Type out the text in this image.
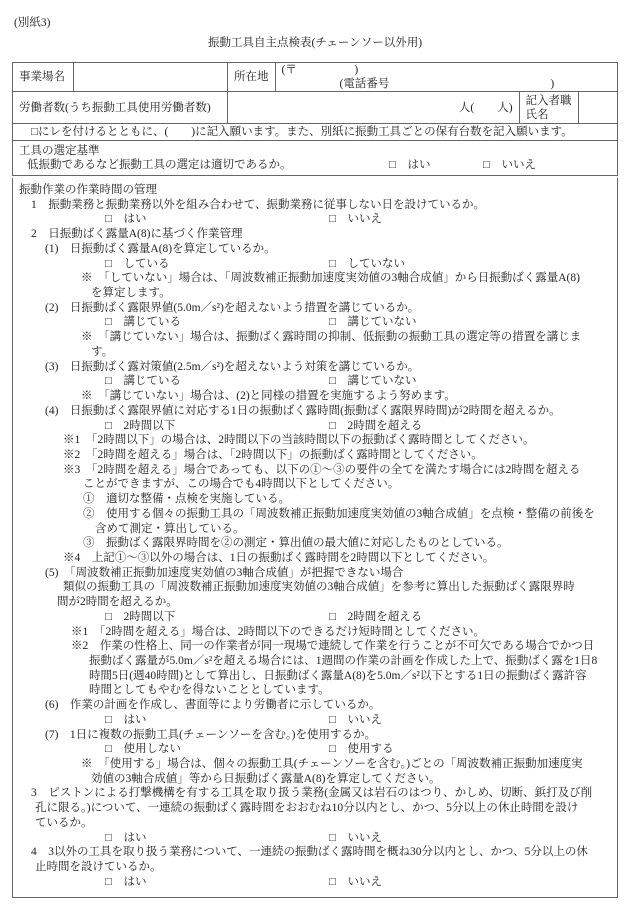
(別紙3)
振動工具自主点検表(チェーンソー以外用)
事業場名		所在地	(〒　　　　　)
(電話番号　　　　　　　　　　　　　　)		

労働者数(うち振動工具使用労働者数)		人(　　人)		記入者職
氏名	

□にレを付けるとともに、(　　)に記入願います。また、別紙に振動工具ごとの保有台数を記入願います。					

工具の選定基準
低振動であるなど振動工具の選定は適切であるか。 □　はい □　いいえ					
振動作業の作業時間の管理
1　振動業務と振動業務以外を組み合わせて、振動業務に従事しない日を設けているか。
□　はい	□　いいえ
2　日振動ばく露量A(8)に基づく作業管理
(1)　日振動ばく露量A(8)を算定しているか。
□　している	□　していない
※　「していない」場合は、「周波数補正振動加速度実効値の3軸合成値」から日振動ばく露量A(8)
を算定します。
(2)　日振動ばく露限界値(5.0m／s²)を超えないよう措置を講じているか。
□　講じている	□　講じていない
※　「講じていない」場合は、振動ばく露時間の抑制、低振動の振動工具の選定等の措置を講じま
す。
(3)　日振動ばく露対策値(2.5m／s²)を超えないよう対策を講じているか。
□　講じている	□　講じていない
※　「講じていない」場合は、(2)と同様の措置を実施するよう努めます。
(4)　日振動ばく露限界値に対応する1日の振動ばく露時間(振動ばく露限界時間)が2時間を超えるか。
□　2時間以下	□　2時間を超える
※1　「2時間以下」の場合は、2時間以下の当該時間以下の振動ばく露時間としてください。
※2　「2時間を超える」場合は、「2時間以下」の振動ばく露時間としてください。
※3　「2時間を超える」場合であっても、以下の①～③の要件の全てを満たす場合には2時間を超える
ことができますが、この場合でも4時間以下としてください。
①　適切な整備・点検を実施している。
②　使用する個々の振動工具の「周波数補正振動加速度実効値の3軸合成値」を点検・整備の前後を
含めて測定・算出している。
③　振動ばく露限界時間を②の測定・算出値の最大値に対応したものとしている。
※4　上記①～③以外の場合は、1日の振動ばく露時間を2時間以下としてください。
(5)　「周波数補正振動加速度実効値の3軸合成値」が把握できない場合
類似の振動工具の「周波数補正振動加速度実効値の3軸合成値」を参考に算出した振動ばく露限界時
間が2時間を超えるか。
□　2時間以下	□　2時間を超える
※1　「2時間を超える」場合は、2時間以下のできるだけ短時間としてください。
※2　作業の性格上、同一の作業者が同一現場で連続して作業を行うことが不可欠である場合でかつ日
振動ばく露量が5.0m／s²を超える場合には、1週間の作業の計画を作成した上で、振動ばく露を1日8
時間5日(週40時間)として算出し、日振動ばく露量A(8)を5.0m／s²以下とする1日の振動ばく露許容
時間としてもやむを得ないこととしています。
(6)　作業の計画を作成し、書面等により労働者に示しているか。
□　はい	□　いいえ
(7)　1日に複数の振動工具(チェーンソーを含む。)を使用するか。
□　使用しない	□　使用する
※　「使用する」場合は、個々の振動工具(チェーンソーを含む。)ごとの「周波数補正振動加速度実
効値の3軸合成値」等から日振動ばく露量A(8)を算定してください。
3　ピストンによる打撃機構を有する工具を取り扱う業務(金属又は岩石のはつり、かしめ、切断、鋲打及び削
孔に限る。)について、一連続の振動ばく露時間をおおむね10分以内とし、かつ、5分以上の休止時間を設け
ているか。
□　はい	□　いいえ
4　3以外の工具を取り扱う業務について、一連続の振動ばく露時間を概ね30分以内とし、かつ、5分以上の休
止時間を設けているか。
□　はい	□　いいえ
